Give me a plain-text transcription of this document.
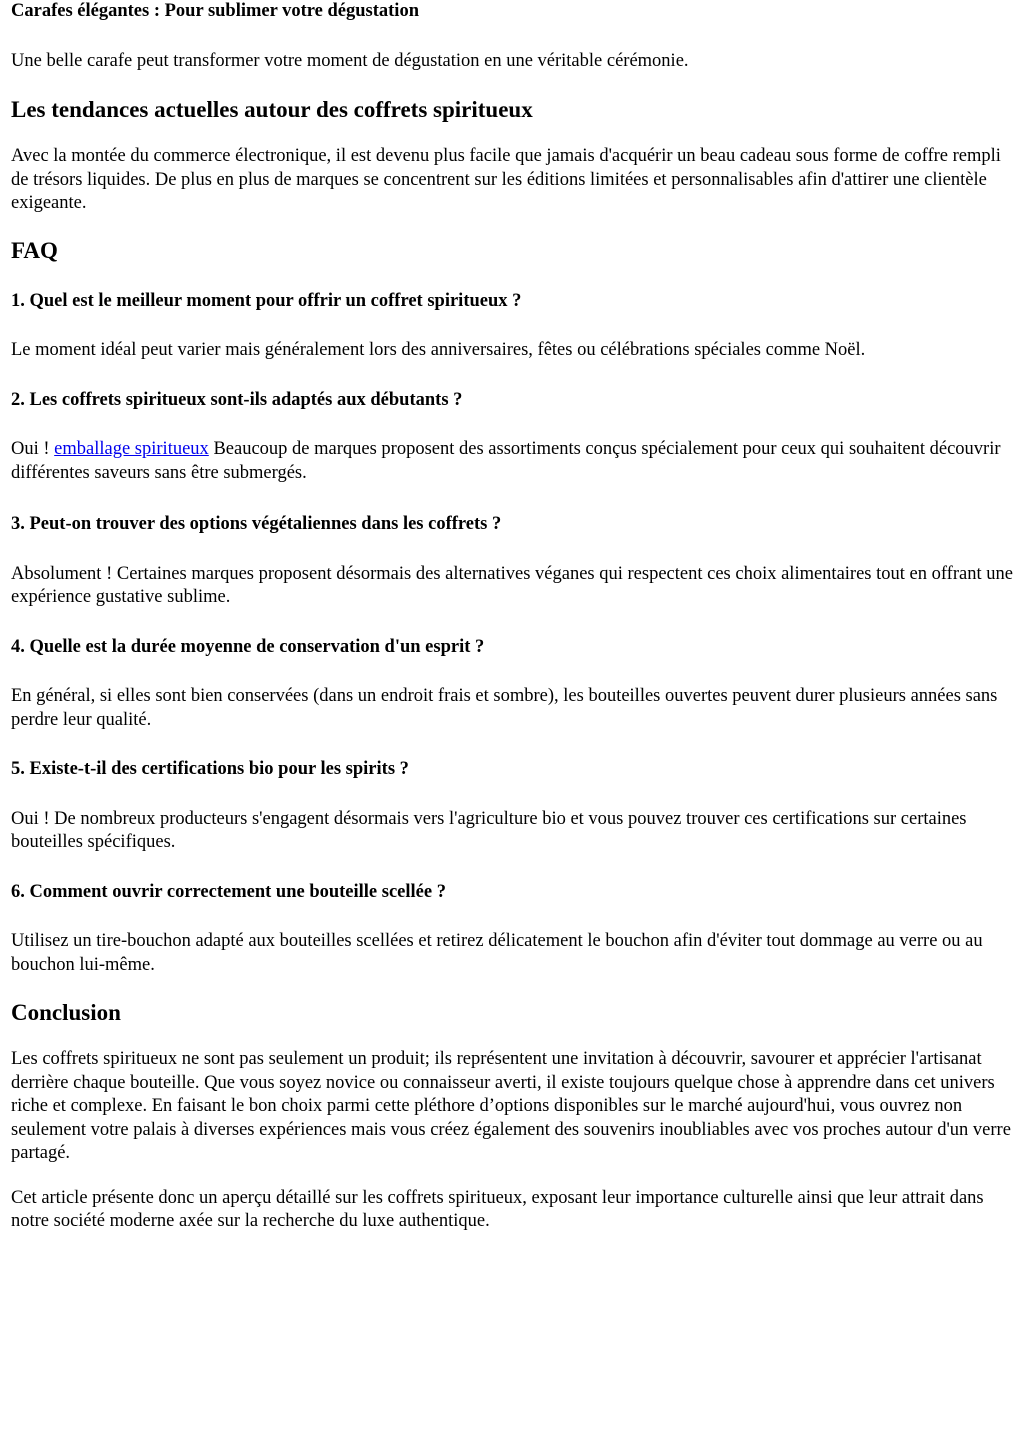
Carafes élégantes : Pour sublimer votre dégustation

Une belle carafe peut transformer votre moment de dégustation en une véritable cérémonie.

Les tendances actuelles autour des coffrets spiritueux

Avec la montée du commerce électronique, il est devenu plus facile que jamais d'acquérir un beau cadeau sous forme de coffre rempli de trésors liquides. De plus en plus de marques se concentrent sur les éditions limitées et personnalisables afin d'attirer une clientèle exigeante.

FAQ
1. Quel est le meilleur moment pour offrir un coffret spiritueux ?

Le moment idéal peut varier mais généralement lors des anniversaires, fêtes ou célébrations spéciales comme Noël.

2. Les coffrets spiritueux sont-ils adaptés aux débutants ?

Oui ! emballage spiritueux Beaucoup de marques proposent des assortiments conçus spécialement pour ceux qui souhaitent découvrir différentes saveurs sans être submergés.

3. Peut-on trouver des options végétaliennes dans les coffrets ?

Absolument ! Certaines marques proposent désormais des alternatives véganes qui respectent ces choix alimentaires tout en offrant une expérience gustative sublime.

4. Quelle est la durée moyenne de conservation d'un esprit ?

En général, si elles sont bien conservées (dans un endroit frais et sombre), les bouteilles ouvertes peuvent durer plusieurs années sans perdre leur qualité.

5. Existe-t-il des certifications bio pour les spirits ?

Oui ! De nombreux producteurs s'engagent désormais vers l'agriculture bio et vous pouvez trouver ces certifications sur certaines bouteilles spécifiques.

6. Comment ouvrir correctement une bouteille scellée ?

Utilisez un tire-bouchon adapté aux bouteilles scellées et retirez délicatement le bouchon afin d'éviter tout dommage au verre ou au bouchon lui-même.

Conclusion

Les coffrets spiritueux ne sont pas seulement un produit; ils représentent une invitation à découvrir, savourer et apprécier l'artisanat derrière chaque bouteille. Que vous soyez novice ou connaisseur averti, il existe toujours quelque chose à apprendre dans cet univers riche et complexe. En faisant le bon choix parmi cette pléthore d’options disponibles sur le marché aujourd'hui, vous ouvrez non seulement votre palais à diverses expériences mais vous créez également des souvenirs inoubliables avec vos proches autour d'un verre partagé.

Cet article présente donc un aperçu détaillé sur les coffrets spiritueux, exposant leur importance culturelle ainsi que leur attrait dans notre société moderne axée sur la recherche du luxe authentique.
